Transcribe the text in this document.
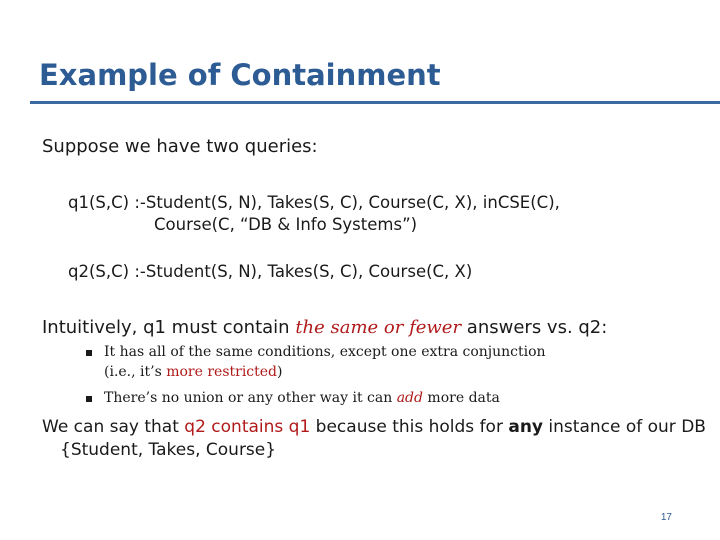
Example of Containment
Suppose we have two queries:
q1(S,C) :-Student(S, N), Takes(S, C), Course(C, X), inCSE(C),
Course(C, “DB & Info Systems”)
q2(S,C) :-Student(S, N), Takes(S, C), Course(C, X)
Intuitively, q1 must contain the same or fewer answers vs. q2:
It has all of the same conditions, except one extra conjunction
(i.e., it’s more restricted)
There’s no union or any other way it can add more data
We can say that q2 contains q1 because this holds for any instance of our DB
{Student, Takes, Course}
17
